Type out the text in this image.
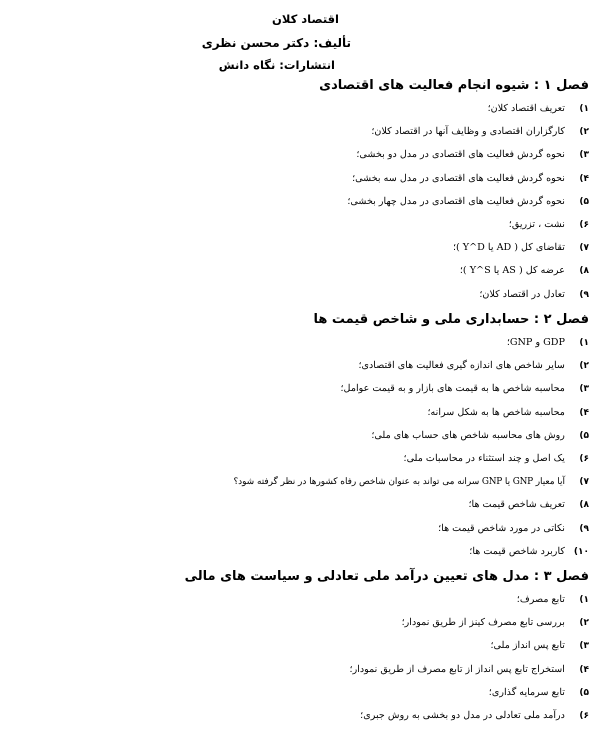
اقتصاد کلان
تألیف: دکتر محسن نظری
انتشارات: نگاه دانش
فصل ۱ : شیوه انجام فعالیت های اقتصادی
۱) تعریف اقتصاد کلان؛
۲) کارگزاران اقتصادی و وظایف آنها در اقتصاد کلان؛
۳) نحوه گردش فعالیت های اقتصادی در مدل دو بخشی؛
۴) نحوه گردش فعالیت های اقتصادی در مدل سه بخشی؛
۵) نحوه گردش فعالیت های اقتصادی در مدل چهار بخشی؛
۶) نشت ، تزریق؛
۷) تقاضای کل ( AD یا Y^D )؛
۸) عرضه کل ( AS یا Y^S )؛
۹) تعادل در اقتصاد کلان؛
فصل ۲ : حسابداری ملی و شاخص قیمت ها
۱) GDP و GNP؛
۲) سایر شاخص های اندازه گیری فعالیت های اقتصادی؛
۳) محاسبه شاخص ها به قیمت های بازار و به قیمت عوامل؛
۴) محاسبه شاخص ها به شکل سرانه؛
۵) روش های محاسبه شاخص های حساب های ملی؛
۶) یک اصل و چند استثناء در محاسبات ملی؛
۷) آیا معیار GNP یا GNP سرانه می تواند به عنوان شاخص رفاه کشورها در نظر گرفته شود؟
۸) تعریف شاخص قیمت ها؛
۹) نکاتی در مورد شاخص قیمت ها؛
۱۰) کاربرد شاخص قیمت ها؛
فصل ۳ : مدل های تعیین درآمد ملی تعادلی و سیاست های مالی
۱) تابع مصرف؛
۲) بررسی تابع مصرف کینز از طریق نمودار؛
۳) تابع پس انداز ملی؛
۴) استخراج تابع پس انداز از تابع مصرف از طریق نمودار؛
۵) تابع سرمایه گذاری؛
۶) درآمد ملی تعادلی در مدل دو بخشی به روش جبری؛
